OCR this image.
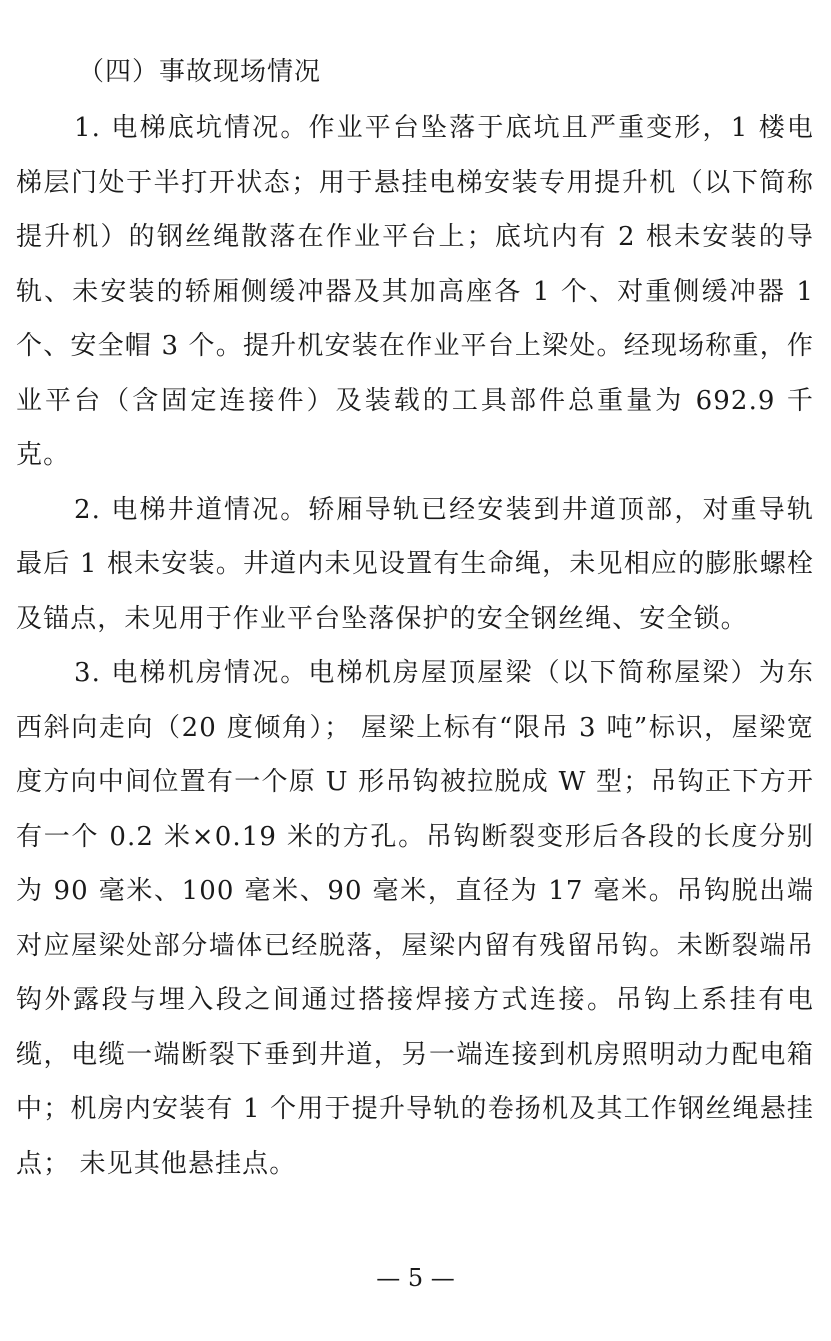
（四）事故现场情况

1. 电梯底坑情况。作业平台坠落于底坑且严重变形，1 楼电梯层门处于半打开状态；用于悬挂电梯安装专用提升机（以下简称提升机）的钢丝绳散落在作业平台上；底坑内有 2 根未安装的导轨、未安装的轿厢侧缓冲器及其加高座各 1 个、对重侧缓冲器 1 个、安全帽 3 个。提升机安装在作业平台上梁处。经现场称重，作业平台（含固定连接件）及装载的工具部件总重量为 692.9 千克。

2. 电梯井道情况。轿厢导轨已经安装到井道顶部，对重导轨最后 1 根未安装。井道内未见设置有生命绳，未见相应的膨胀螺栓及锚点，未见用于作业平台坠落保护的安全钢丝绳、安全锁。

3. 电梯机房情况。电梯机房屋顶屋梁（以下简称屋梁）为东西斜向走向（20 度倾角）； 屋梁上标有“限吊 3 吨”标识，屋梁宽度方向中间位置有一个原 U 形吊钩被拉脱成 W 型；吊钩正下方开有一个 0.2 米×0.19 米的方孔。吊钩断裂变形后各段的长度分别为 90 毫米、100 毫米、90 毫米，直径为 17 毫米。吊钩脱出端对应屋梁处部分墙体已经脱落，屋梁内留有残留吊钩。未断裂端吊钩外露段与埋入段之间通过搭接焊接方式连接。吊钩上系挂有电缆，电缆一端断裂下垂到井道，另一端连接到机房照明动力配电箱中；机房内安装有 1 个用于提升导轨的卷扬机及其工作钢丝绳悬挂点； 未见其他悬挂点。

— 5 —
